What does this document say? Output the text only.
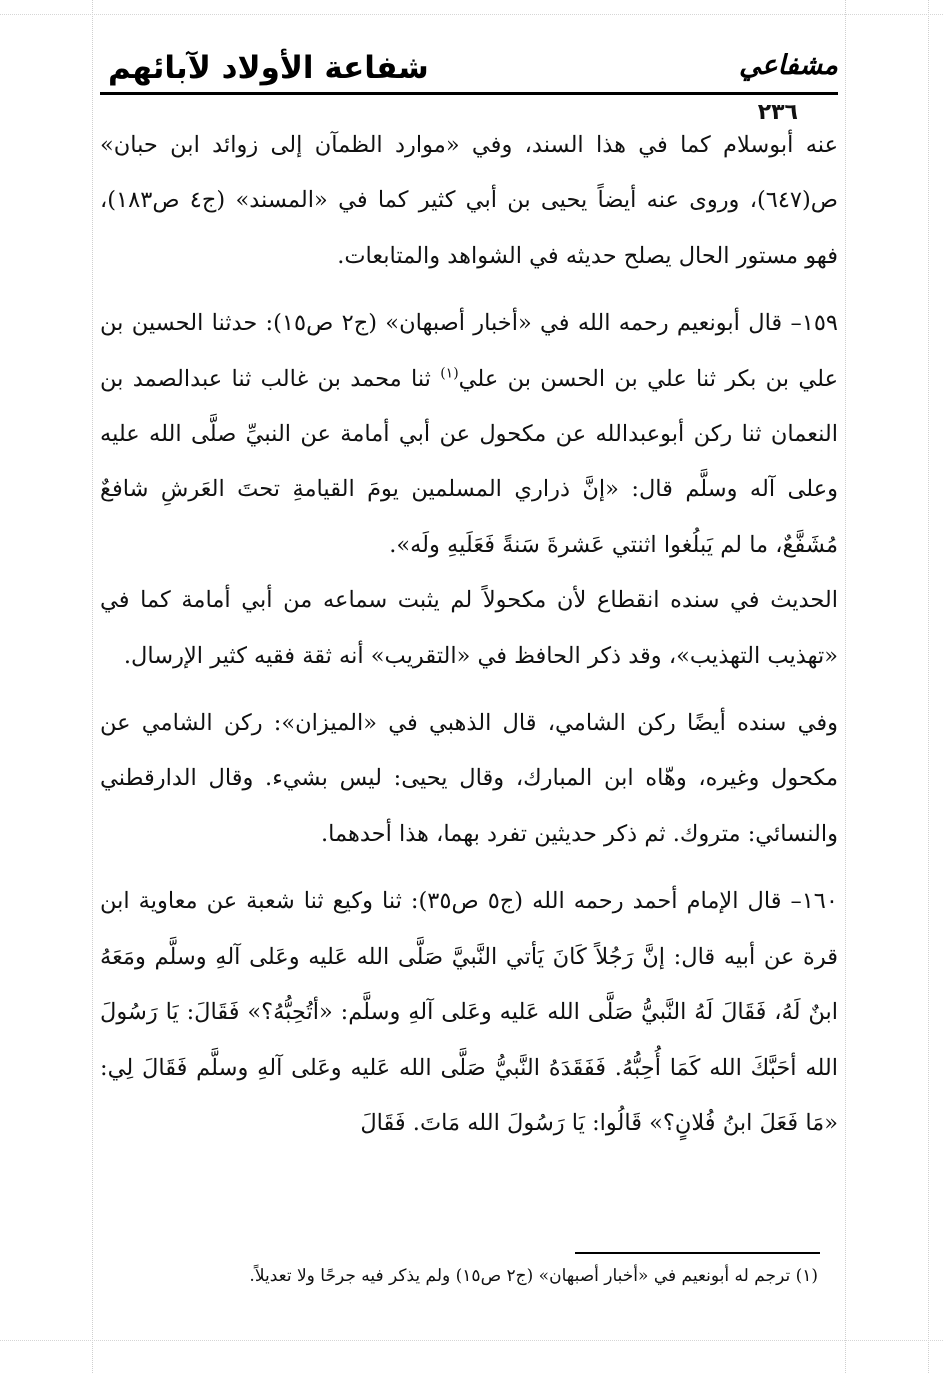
شفاعة الأولاد لآبائهم	مشفاعي
٢٣٦

عنه أبوسلام كما في هذا السند، وفي «موارد الظمآن إلى زوائد ابن حبان» ص(٦٤٧)، وروى عنه أيضاً يحيى بن أبي كثير كما في «المسند» (ج٤ ص١٨٣)، فهو مستور الحال يصلح حديثه في الشواهد والمتابعات.

١٥٩– قال أبونعيم رحمه الله في «أخبار أصبهان» (ج٢ ص١٥): حدثنا الحسين بن علي بن بكر ثنا علي بن الحسن بن علي$^{(١)}$ ثنا محمد بن غالب ثنا عبدالصمد بن النعمان ثنا ركن أبوعبدالله عن مكحول عن أبي أمامة عن النبيِّ صلَّى الله عليه وعلى آله وسلَّم قال: «إنَّ ذراري المسلمين يومَ القيامةِ تحتَ العَرشِ شافعٌ مُشَفَّعٌ، ما لم يَبلُغوا اثنتي عَشرةَ سَنةً فَعَلَيهِ ولَه».

الحديث في سنده انقطاع لأن مكحولاً لم يثبت سماعه من أبي أمامة كما في «تهذيب التهذيب»، وقد ذكر الحافظ في «التقريب» أنه ثقة فقيه كثير الإرسال.

وفي سنده أيضًا ركن الشامي، قال الذهبي في «الميزان»: ركن الشامي عن مكحول وغيره، وهّاه ابن المبارك، وقال يحيى: ليس بشيء. وقال الدارقطني والنسائي: متروك. ثم ذكر حديثين تفرد بهما، هذا أحدهما.

١٦٠– قال الإمام أحمد رحمه الله (ج٥ ص٣٥): ثنا وكيع ثنا شعبة عن معاوية ابن قرة عن أبيه قال: إنَّ رَجُلاً كَانَ يَأتي النَّبيَّ صَلَّى الله عَليه وعَلى آلهِ وسلَّم ومَعَهُ ابنٌ لَهُ، فَقَالَ لَهُ النَّبيُّ صَلَّى الله عَليه وعَلى آلهِ وسلَّم: «أتُحِبُّهُ؟» فَقَالَ: يَا رَسُولَ الله أحَبَّكَ الله كَمَا أُحِبُّهُ. فَفَقَدَهُ النَّبيُّ صَلَّى الله عَليه وعَلى آلهِ وسلَّم فَقَالَ لِي: «مَا فَعَلَ ابنُ فُلانٍ؟» قَالُوا: يَا رَسُولَ الله مَاتَ. فَقَالَ

(١) ترجم له أبونعيم في «أخبار أصبهان» (ج٢ ص١٥) ولم يذكر فيه جرحًا ولا تعديلاً.
